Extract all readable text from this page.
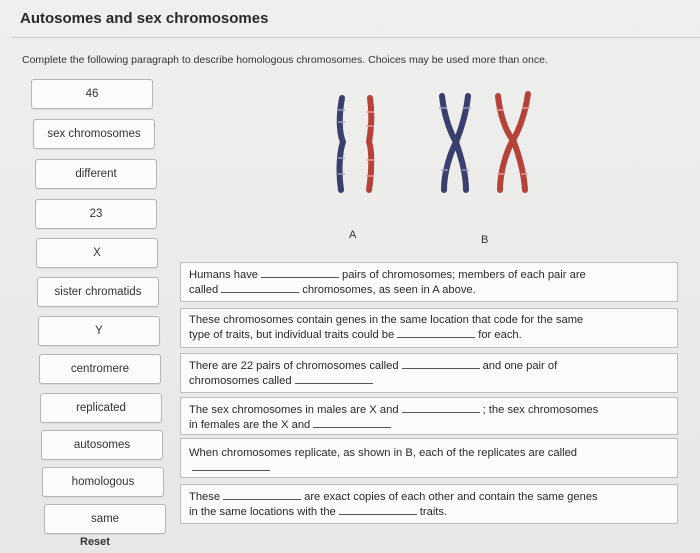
Autosomes and sex chromosomes
Complete the following paragraph to describe homologous chromosomes. Choices may be used more than once.
46
sex chromosomes
different
23
X
sister chromatids
Y
centromere
replicated
autosomes
homologous
same
Reset
A	B
Humans have	pairs of chromosomes; members of each pair are
called	chromosomes, as seen in A above.
These chromosomes contain genes in the same location that code for the same
type of traits, but individual traits could be	for each.
There are 22 pairs of chromosomes called	and one pair of
chromosomes called
The sex chromosomes in males are X and	; the sex chromosomes
in females are the X and
When chromosomes replicate, as shown in B, each of the replicates are called
These	are exact copies of each other and contain the same genes
in the same locations with the	traits.
